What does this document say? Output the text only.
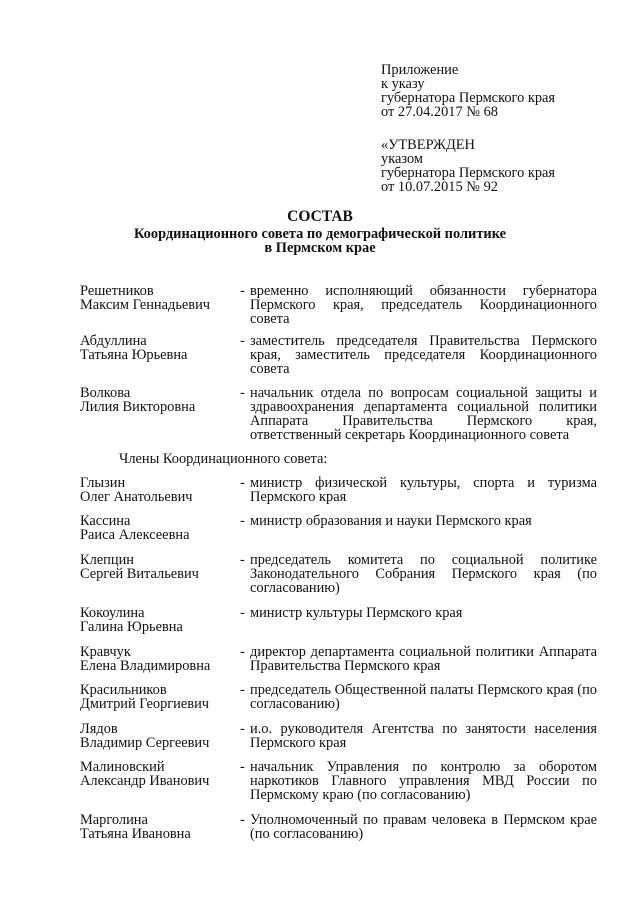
Приложение
к указу
губернатора Пермского края
от 27.04.2017 № 68
«УТВЕРЖДЕН
указом
губернатора Пермского края
от 10.07.2015 № 92
СОСТАВ
Координационного совета по демографической политике
в Пермском крае
Решетников
Максим Геннадьевич
- временно исполняющий обязанности губернатора Пермского края, председатель Координационного совета
Абдуллина
Татьяна Юрьевна
- заместитель председателя Правительства Пермского края, заместитель председателя Координационного совета
Волкова
Лилия Викторовна
- начальник отдела по вопросам социальной защиты и здравоохранения департамента социальной политики Аппарата Правительства Пермского края, ответственный секретарь Координационного совета
Члены Координационного совета:
Глызин
Олег Анатольевич
- министр физической культуры, спорта и туризма Пермского края
Кассина
Раиса Алексеевна
- министр образования и науки Пермского края
Клепцин
Сергей Витальевич
- председатель комитета по социальной политике Законодательного Собрания Пермского края (по согласованию)
Кокоулина
Галина Юрьевна
- министр культуры Пермского края
Кравчук
Елена Владимировна
- директор департамента социальной политики Аппарата Правительства Пермского края
Красильников
Дмитрий Георгиевич
- председатель Общественной палаты Пермского края (по согласованию)
Лядов
Владимир Сергеевич
- и.о. руководителя Агентства по занятости населения Пермского края
Малиновский
Александр Иванович
- начальник Управления по контролю за оборотом наркотиков Главного управления МВД России по Пермскому краю (по согласованию)
Марголина
Татьяна Ивановна
- Уполномоченный по правам человека в Пермском крае (по согласованию)
